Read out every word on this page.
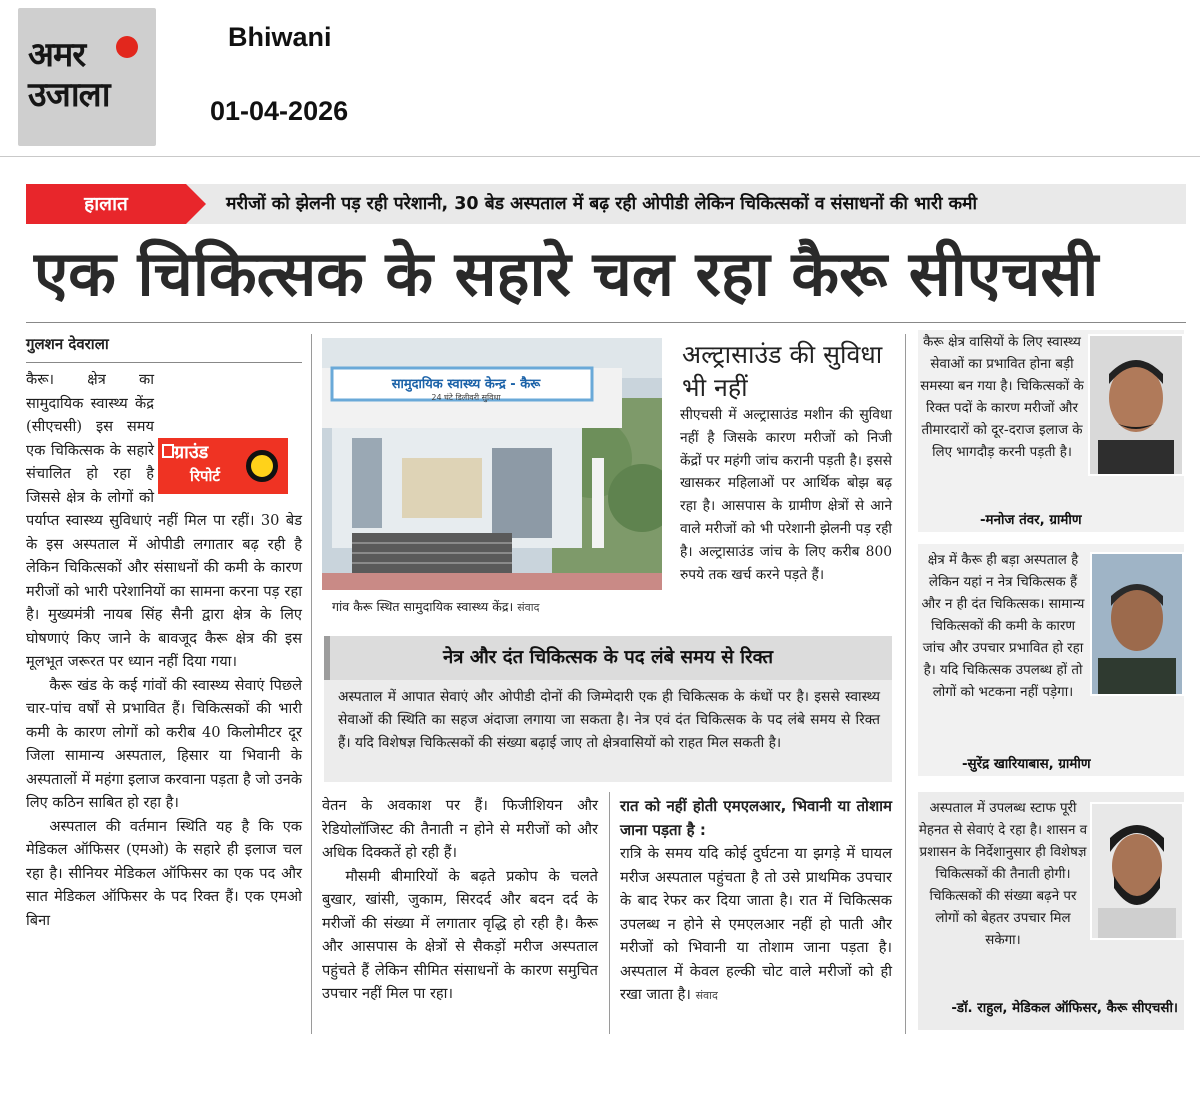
अमर
उजाला
Bhiwani
01-04-2026
हालात	मरीजों को झेलनी पड़ रही परेशानी, 30 बेड अस्पताल में बढ़ रही ओपीडी लेकिन चिकित्सकों व संसाधनों की भारी कमी
एक चिकित्सक के सहारे चल रहा कैरू सीएचसी
गुलशन देवराला

कैरू। क्षेत्र का सामुदायिक स्वास्थ्य केंद्र (सीएचसी) इस समय एक चिकित्सक के सहारे संचालित हो रहा है जिससे क्षेत्र के लोगों को पर्याप्त स्वास्थ्य सुविधाएं नहीं मिल पा रहीं। 30 बेड के इस अस्पताल में ओपीडी लगातार बढ़ रही है लेकिन चिकित्सकों और संसाधनों की कमी के कारण मरीजों को भारी परेशानियों का सामना करना पड़ रहा है। मुख्यमंत्री नायब सिंह सैनी द्वारा क्षेत्र के लिए घोषणाएं किए जाने के बावजूद कैरू क्षेत्र की इस मूलभूत जरूरत पर ध्यान नहीं दिया गया।

कैरू खंड के कई गांवों की स्वास्थ्य सेवाएं पिछले चार-पांच वर्षों से प्रभावित हैं। चिकित्सकों की भारी कमी के कारण लोगों को करीब 40 किलोमीटर दूर जिला सामान्य अस्पताल, हिसार या भिवानी के अस्पतालों में महंगा इलाज करवाना पड़ता है जो उनके लिए कठिन साबित हो रहा है।

अस्पताल की वर्तमान स्थिति यह है कि एक मेडिकल ऑफिसर (एमओ) के सहारे ही इलाज चल रहा है। सीनियर मेडिकल ऑफिसर का एक पद और सात मेडिकल ऑफिसर के पद रिक्त हैं। एक एमओ बिना

ग्राउंड
रिपोर्ट
सामुदायिक स्वास्थ्य केन्द्र - कैरू
24 घंटे डिलीवरी सुविधा
गांव कैरू स्थित सामुदायिक स्वास्थ्य केंद्र। संवाद
अल्ट्रासाउंड की सुविधा भी नहीं
सीएचसी में अल्ट्रासाउंड मशीन की सुविधा नहीं है जिसके कारण मरीजों को निजी केंद्रों पर महंगी जांच करानी पड़ती है। इससे खासकर महिलाओं पर आर्थिक बोझ बढ़ रहा है। आसपास के ग्रामीण क्षेत्रों से आने वाले मरीजों को भी परेशानी झेलनी पड़ रही है। अल्ट्रासाउंड जांच के लिए करीब 800 रुपये तक खर्च करने पड़ते हैं।
नेत्र और दंत चिकित्सक के पद लंबे समय से रिक्त
अस्पताल में आपात सेवाएं और ओपीडी दोनों की जिम्मेदारी एक ही चिकित्सक के कंधों पर है। इससे स्वास्थ्य सेवाओं की स्थिति का सहज अंदाजा लगाया जा सकता है। नेत्र एवं दंत चिकित्सक के पद लंबे समय से रिक्त हैं। यदि विशेषज्ञ चिकित्सकों की संख्या बढ़ाई जाए तो क्षेत्रवासियों को राहत मिल सकती है।
वेतन के अवकाश पर हैं। फिजीशियन और रेडियोलॉजिस्ट की तैनाती न होने से मरीजों को और अधिक दिक्कतें हो रही हैं।
मौसमी बीमारियों के बढ़ते प्रकोप के चलते बुखार, खांसी, जुकाम, सिरदर्द और बदन दर्द के मरीजों की संख्या में लगातार वृद्धि हो रही है। कैरू और आसपास के क्षेत्रों से सैकड़ों मरीज अस्पताल पहुंचते हैं लेकिन सीमित संसाधनों के कारण समुचित उपचार नहीं मिल पा रहा।
रात को नहीं होती एमएलआर, भिवानी या तोशाम जाना पड़ता है :
रात्रि के समय यदि कोई दुर्घटना या झगड़े में घायल मरीज अस्पताल पहुंचता है तो उसे प्राथमिक उपचार के बाद रेफर कर दिया जाता है। रात में चिकित्सक उपलब्ध न होने से एमएलआर नहीं हो पाती और मरीजों को भिवानी या तोशाम जाना पड़ता है। अस्पताल में केवल हल्की चोट वाले मरीजों को ही रखा जाता है। संवाद
कैरू क्षेत्र वासियों के लिए स्वास्थ्य सेवाओं का प्रभावित होना बड़ी समस्या बन गया है। चिकित्सकों के रिक्त पदों के कारण मरीजों और तीमारदारों को दूर-दराज इलाज के लिए भागदौड़ करनी पड़ती है।
-मनोज तंवर, ग्रामीण
क्षेत्र में कैरू ही बड़ा अस्पताल है लेकिन यहां न नेत्र चिकित्सक हैं और न ही दंत चिकित्सक। सामान्य चिकित्सकों की कमी के कारण जांच और उपचार प्रभावित हो रहा है। यदि चिकित्सक उपलब्ध हों तो लोगों को भटकना नहीं पड़ेगा।
-सुरेंद्र खारियाबास, ग्रामीण
अस्पताल में उपलब्ध स्टाफ पूरी मेहनत से सेवाएं दे रहा है। शासन व प्रशासन के निर्देशानुसार ही विशेषज्ञ चिकित्सकों की तैनाती होगी। चिकित्सकों की संख्या बढ़ने पर लोगों को बेहतर उपचार मिल सकेगा।
-डॉ. राहुल, मेडिकल ऑफिसर, कैरू सीएचसी।
